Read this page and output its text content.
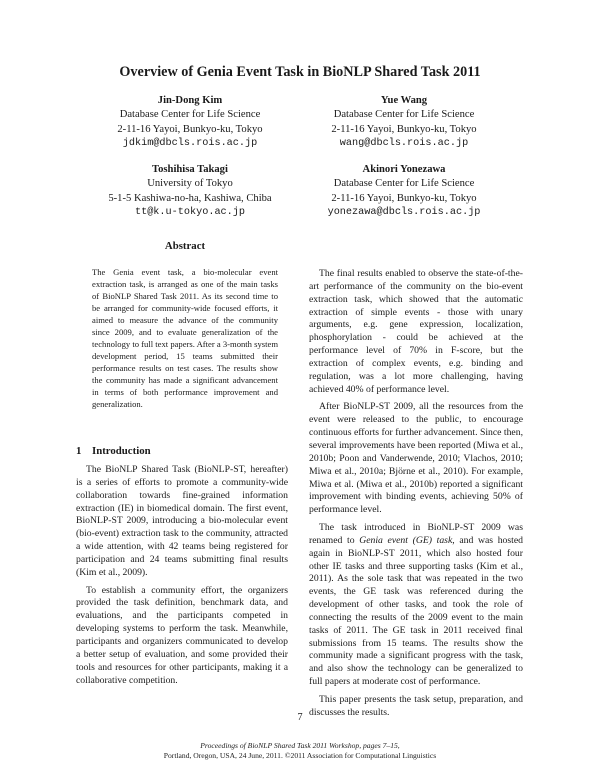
Overview of Genia Event Task in BioNLP Shared Task 2011
Jin-Dong Kim
Database Center for Life Science
2-11-16 Yayoi, Bunkyo-ku, Tokyo
jdkim@dbcls.rois.ac.jp
Yue Wang
Database Center for Life Science
2-11-16 Yayoi, Bunkyo-ku, Tokyo
wang@dbcls.rois.ac.jp
Toshihisa Takagi
University of Tokyo
5-1-5 Kashiwa-no-ha, Kashiwa, Chiba
tt@k.u-tokyo.ac.jp
Akinori Yonezawa
Database Center for Life Science
2-11-16 Yayoi, Bunkyo-ku, Tokyo
yonezawa@dbcls.rois.ac.jp
Abstract

The Genia event task, a bio-molecular event extraction task, is arranged as one of the main tasks of BioNLP Shared Task 2011. As its second time to be arranged for community-wide focused efforts, it aimed to measure the advance of the community since 2009, and to evaluate generalization of the technology to full text papers. After a 3-month system development period, 15 teams submitted their performance results on test cases. The results show the community has made a significant advancement in terms of both performance improvement and generalization.

1 Introduction

The BioNLP Shared Task (BioNLP-ST, hereafter) is a series of efforts to promote a community-wide collaboration towards fine-grained information extraction (IE) in biomedical domain. The first event, BioNLP-ST 2009, introducing a bio-molecular event (bio-event) extraction task to the community, attracted a wide attention, with 42 teams being registered for participation and 24 teams submitting final results (Kim et al., 2009).

To establish a community effort, the organizers provided the task definition, benchmark data, and evaluations, and the participants competed in developing systems to perform the task. Meanwhile, participants and organizers communicated to develop a better setup of evaluation, and some provided their tools and resources for other participants, making it a collaborative competition.

The final results enabled to observe the state-of-the-art performance of the community on the bio-event extraction task, which showed that the automatic extraction of simple events - those with unary arguments, e.g. gene expression, localization, phosphorylation - could be achieved at the performance level of 70% in F-score, but the extraction of complex events, e.g. binding and regulation, was a lot more challenging, having achieved 40% of performance level.

After BioNLP-ST 2009, all the resources from the event were released to the public, to encourage continuous efforts for further advancement. Since then, several improvements have been reported (Miwa et al., 2010b; Poon and Vanderwende, 2010; Vlachos, 2010; Miwa et al., 2010a; Björne et al., 2010). For example, Miwa et al. (Miwa et al., 2010b) reported a significant improvement with binding events, achieving 50% of performance level.

The task introduced in BioNLP-ST 2009 was renamed to Genia event (GE) task, and was hosted again in BioNLP-ST 2011, which also hosted four other IE tasks and three supporting tasks (Kim et al., 2011). As the sole task that was repeated in the two events, the GE task was referenced during the development of other tasks, and took the role of connecting the results of the 2009 event to the main tasks of 2011. The GE task in 2011 received final submissions from 15 teams. The results show the community made a significant progress with the task, and also show the technology can be generalized to full papers at moderate cost of performance.

This paper presents the task setup, preparation, and discusses the results.

7
Proceedings of BioNLP Shared Task 2011 Workshop, pages 7–15,
Portland, Oregon, USA, 24 June, 2011. ©2011 Association for Computational Linguistics
